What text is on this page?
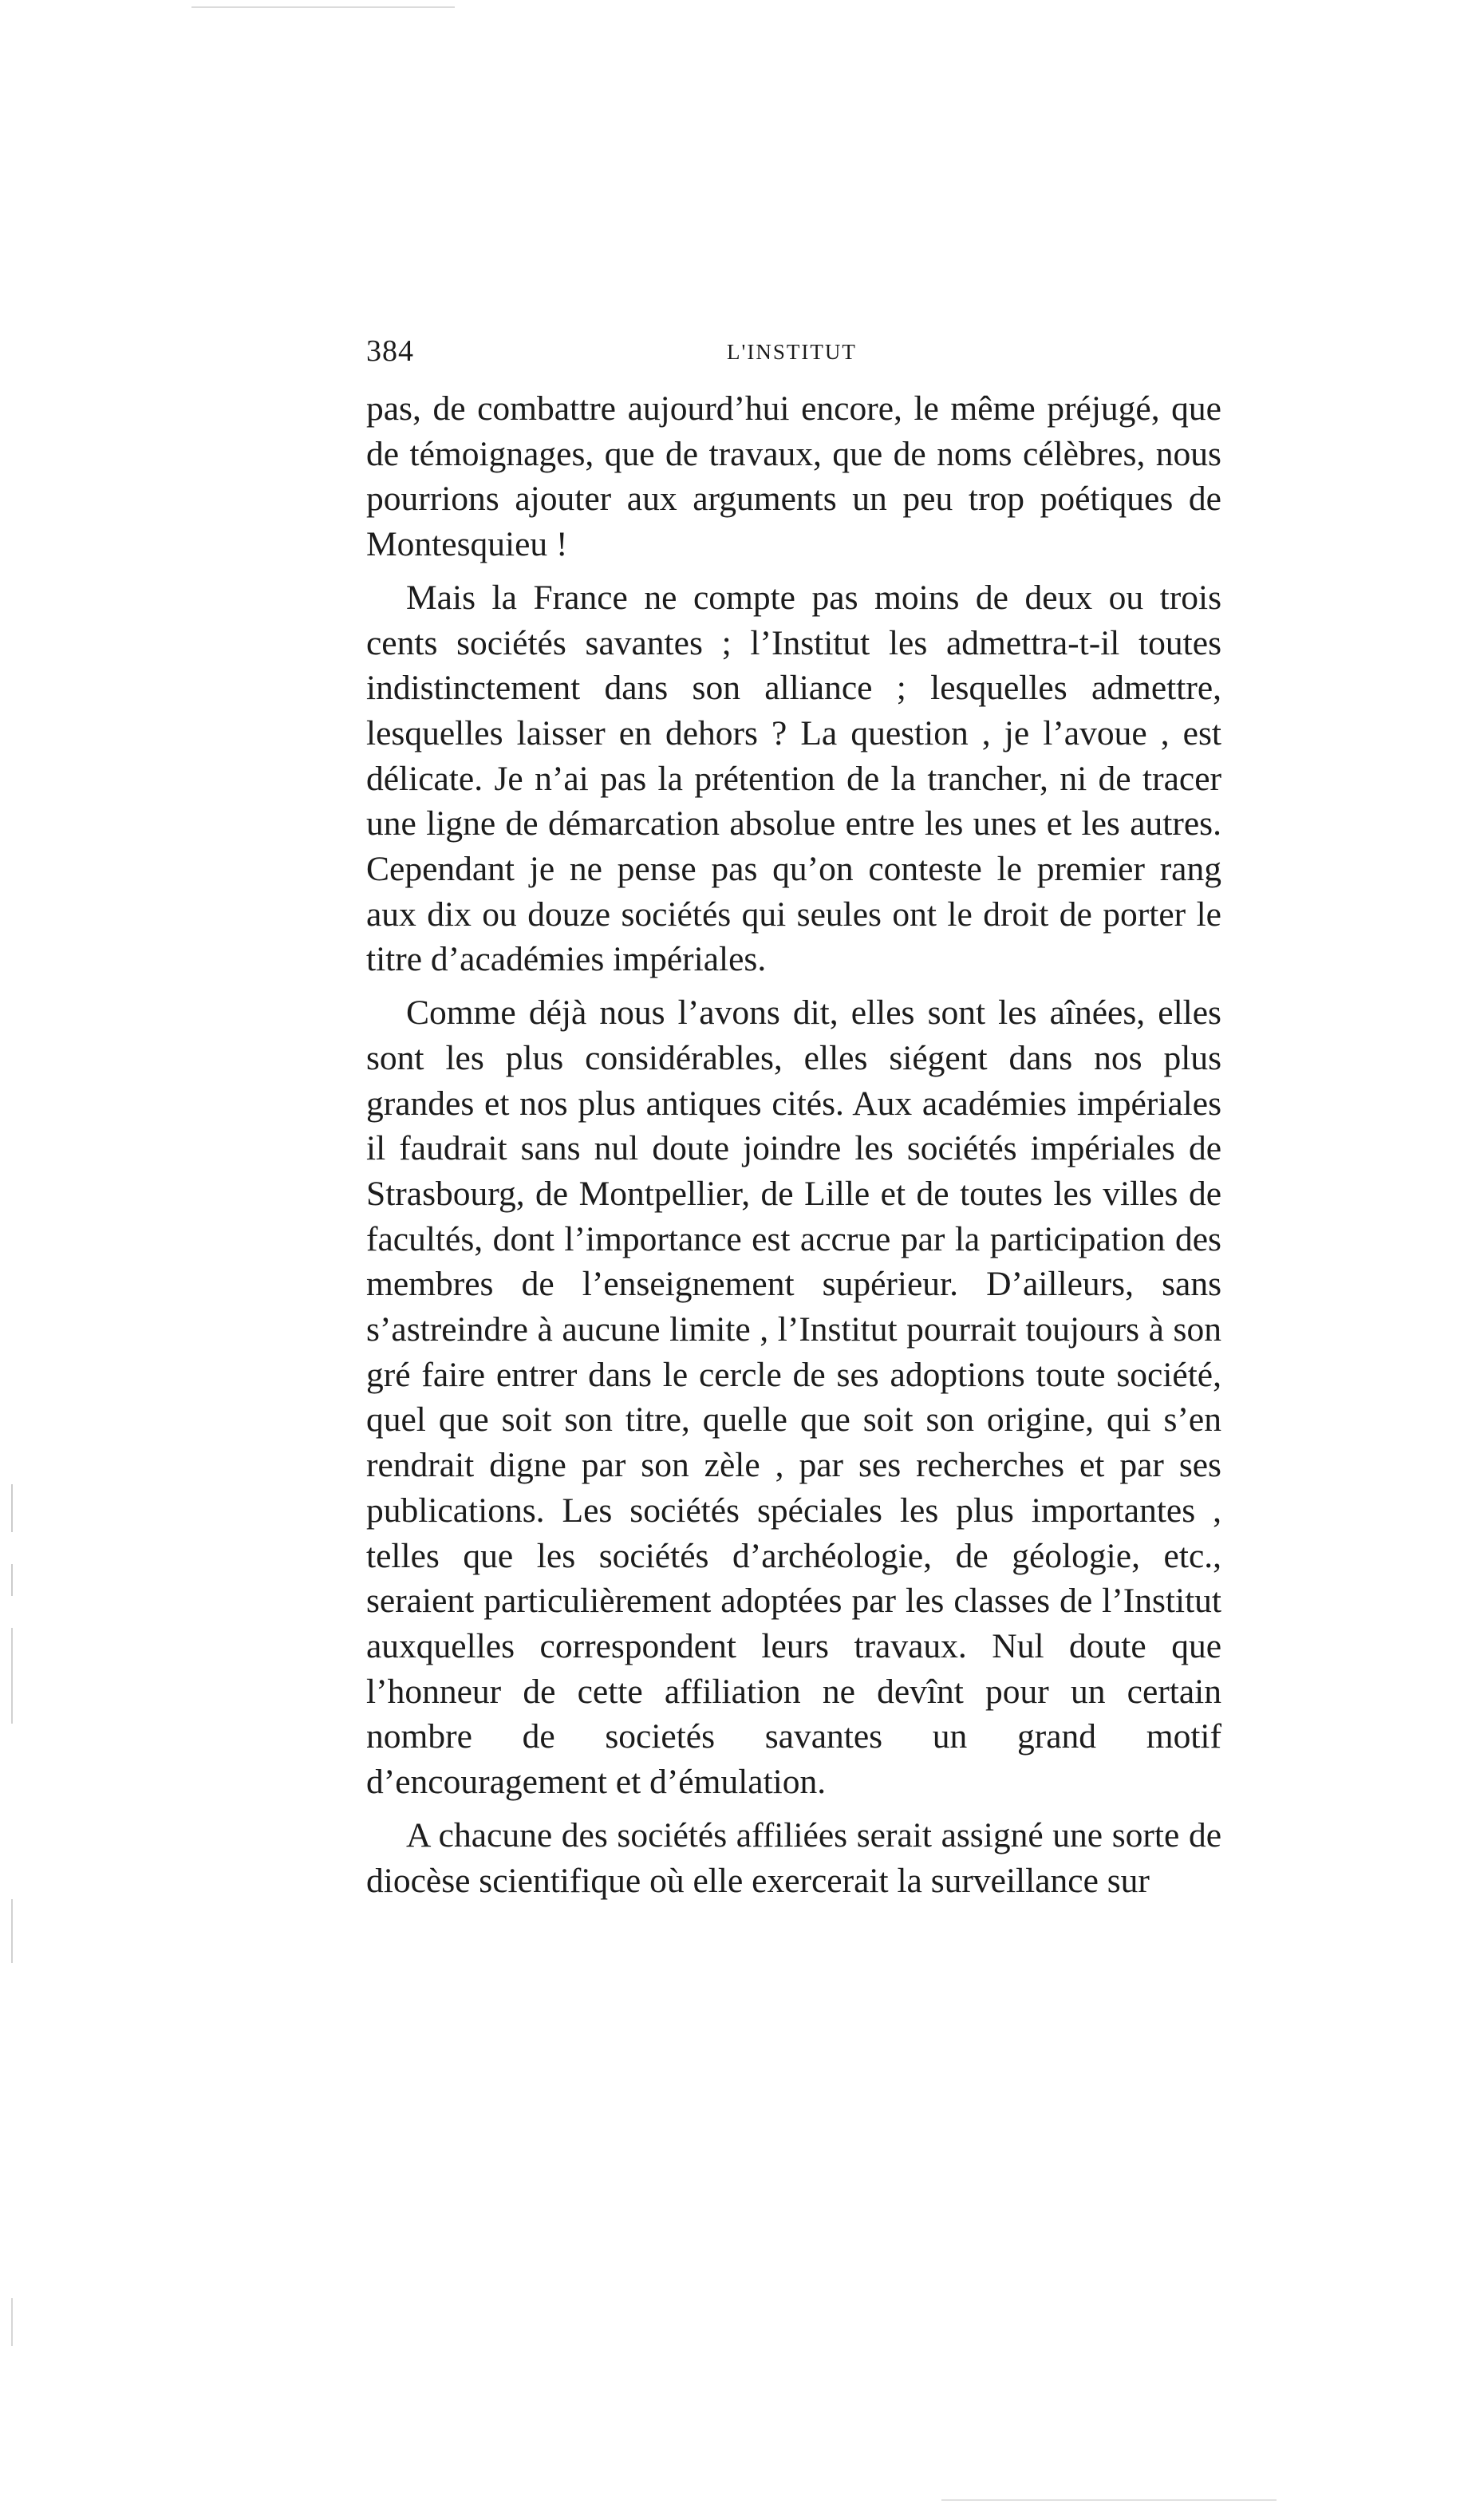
384	L'INSTITUT

pas, de combattre aujourd’hui encore, le même préjugé, que de témoignages, que de travaux, que de noms célèbres, nous pourrions ajouter aux arguments un peu trop poétiques de Montesquieu !

Mais la France ne compte pas moins de deux ou trois cents sociétés savantes ; l’Institut les admettra-t-il toutes indistinctement dans son alliance ; lesquelles admettre, lesquelles laisser en dehors ? La question , je l’avoue , est délicate. Je n’ai pas la prétention de la trancher, ni de tracer une ligne de démarcation absolue entre les unes et les autres. Cependant je ne pense pas qu’on conteste le premier rang aux dix ou douze sociétés qui seules ont le droit de porter le titre d’académies impériales.

Comme déjà nous l’avons dit, elles sont les aînées, elles sont les plus considérables, elles siégent dans nos plus grandes et nos plus antiques cités. Aux académies impériales il faudrait sans nul doute joindre les sociétés impériales de Strasbourg, de Montpellier, de Lille et de toutes les villes de facultés, dont l’importance est accrue par la participation des membres de l’enseignement supérieur. D’ailleurs, sans s’astreindre à aucune limite , l’Institut pourrait toujours à son gré faire entrer dans le cercle de ses adoptions toute société, quel que soit son titre, quelle que soit son origine, qui s’en rendrait digne par son zèle , par ses recherches et par ses publications. Les sociétés spéciales les plus importantes , telles que les sociétés d’archéologie, de géologie, etc., seraient particulièrement adoptées par les classes de l’Institut auxquelles correspondent leurs travaux. Nul doute que l’honneur de cette affiliation ne devînt pour un certain nombre de societés savantes un grand motif d’encouragement et d’émulation.

A chacune des sociétés affiliées serait assigné une sorte de diocèse scientifique où elle exercerait la surveillance sur
